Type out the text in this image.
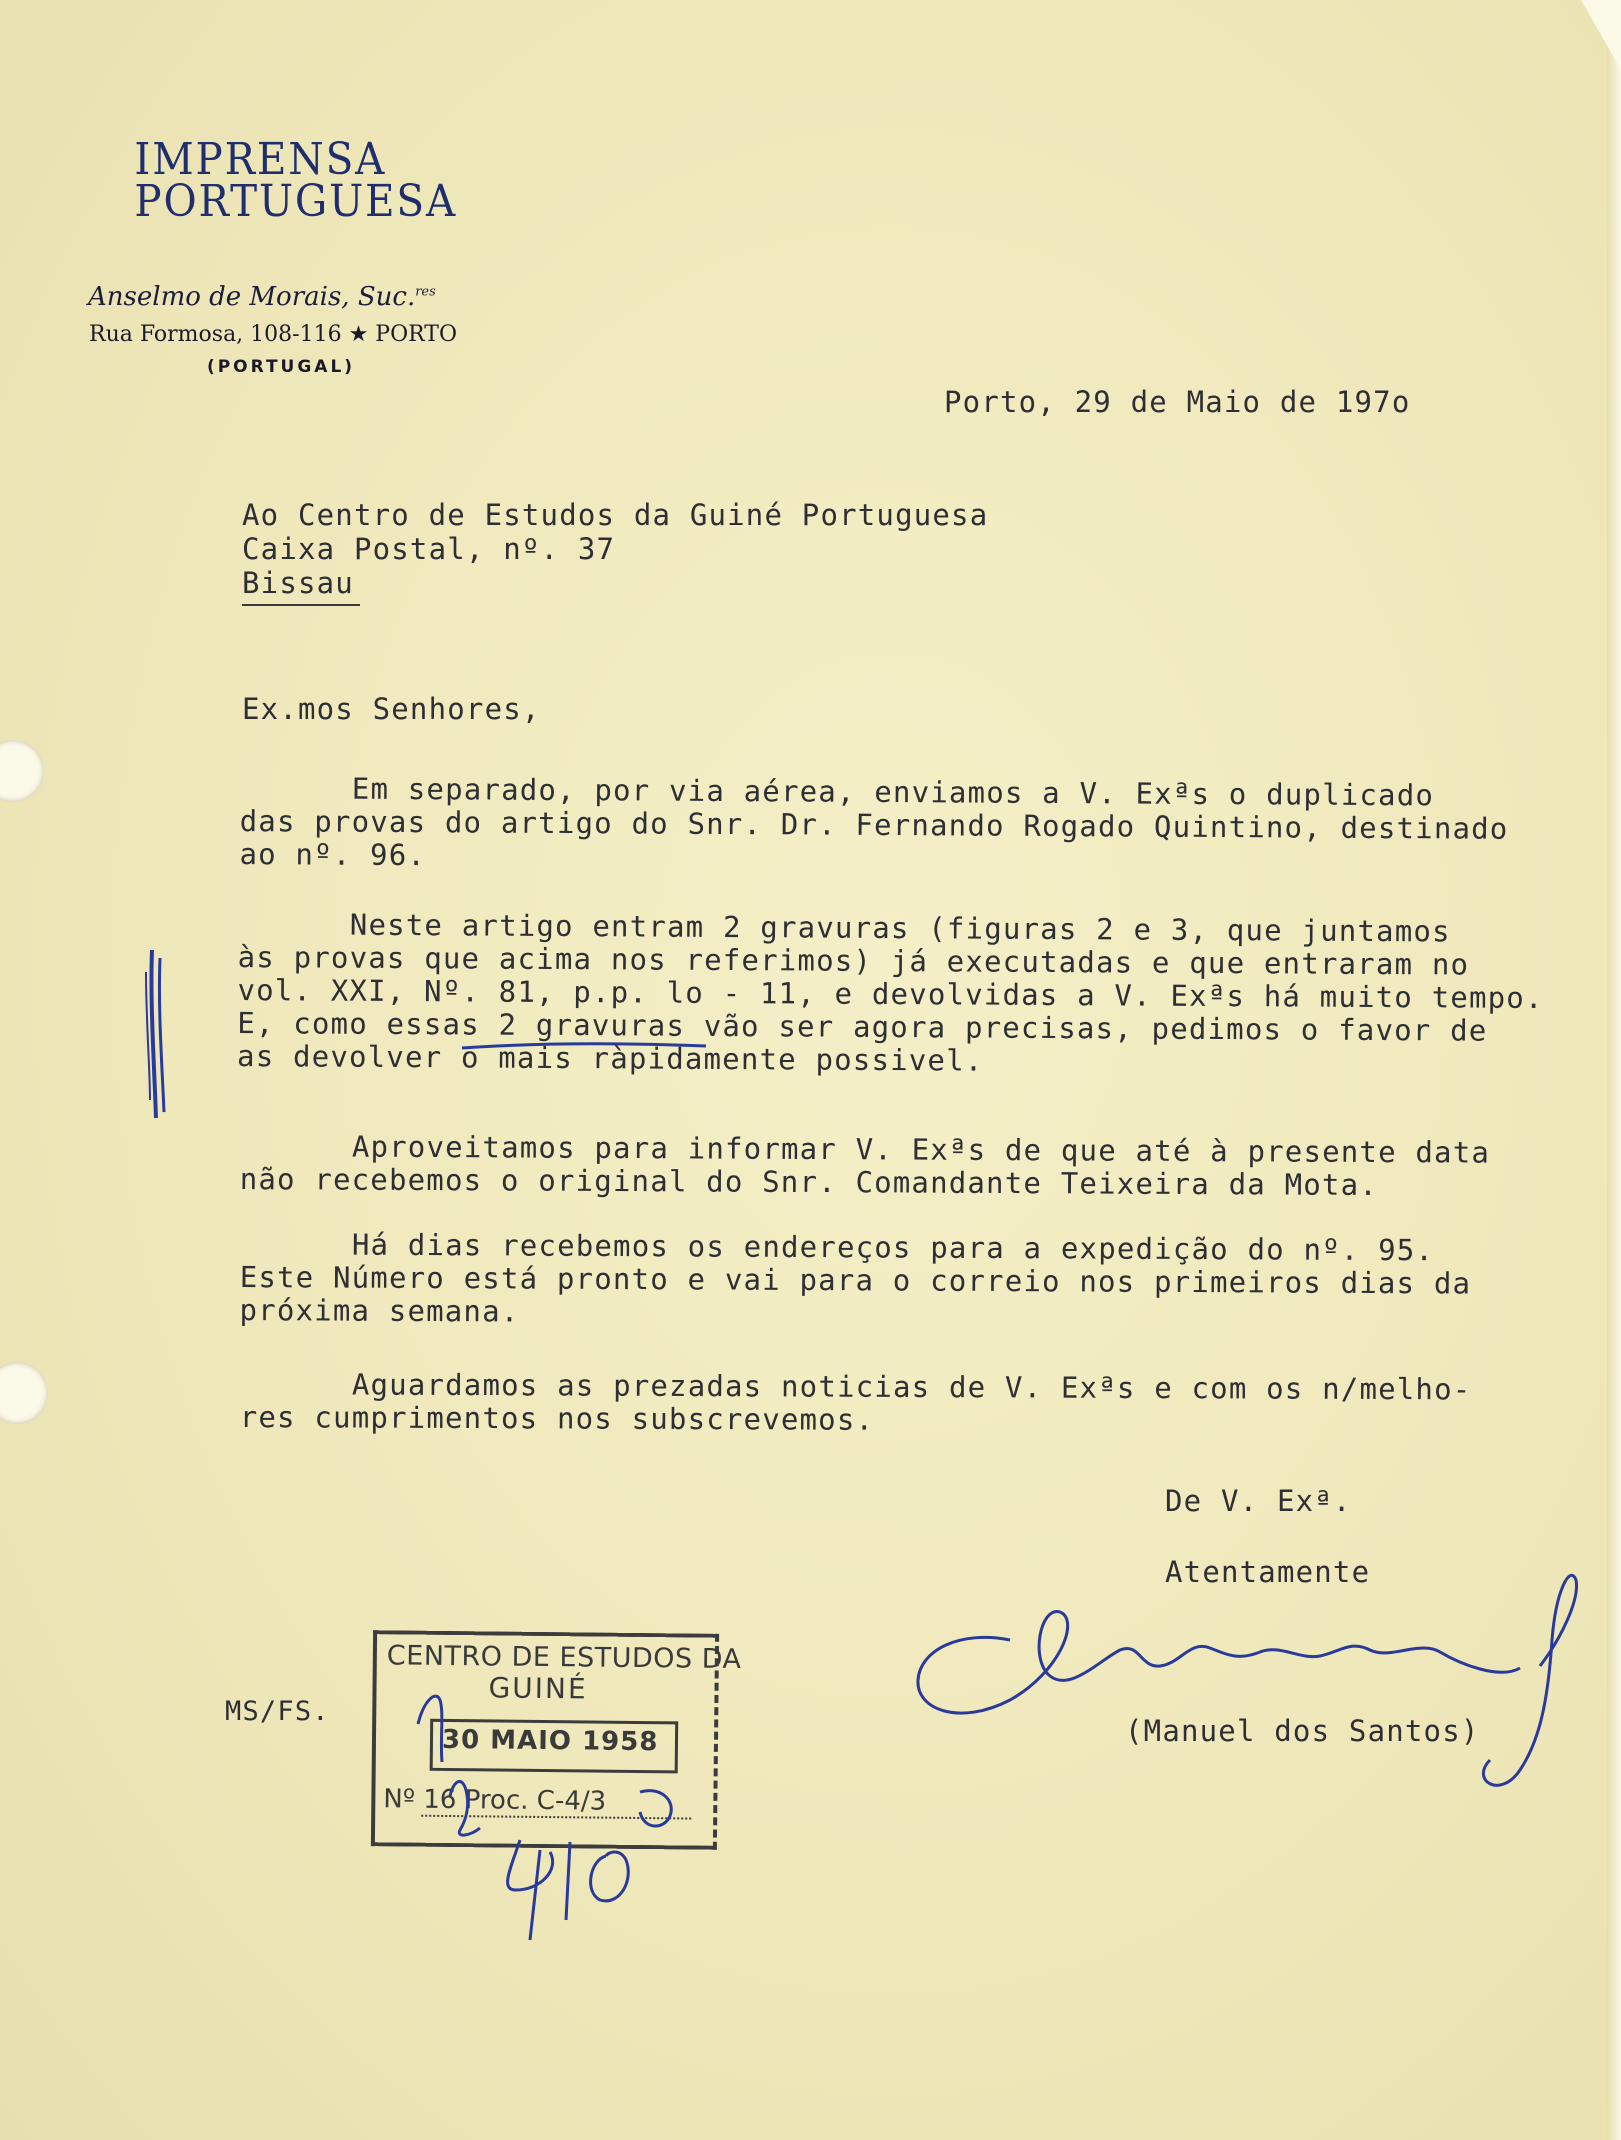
IMPRENSA
PORTUGUESA
Anselmo de Morais, Suc.$^{res}$
Rua Formosa, 108-116 ★ PORTO
(PORTUGAL)
Porto, 29 de Maio de 197o
Ao Centro de Estudos da Guiné Portuguesa
Caixa Postal, nº. 37
Bissau
Ex.mos Senhores,
Em separado, por via aérea, enviamos a V. Exªs o duplicado
das provas do artigo do Snr. Dr. Fernando Rogado Quintino, destinado
ao nº. 96.
Neste artigo entram 2 gravuras (figuras 2 e 3, que juntamos
às provas que acima nos referimos) já executadas e que entraram no
vol. XXI, Nº. 81, p.p. lo - 11, e devolvidas a V. Exªs há muito tempo.
E, como essas 2 gravuras vão ser agora precisas, pedimos o favor de
as devolver o mais ràpidamente possivel.
Aproveitamos para informar V. Exªs de que até à presente data
não recebemos o original do Snr. Comandante Teixeira da Mota.
Há dias recebemos os endereços para a expedição do nº. 95.
Este Número está pronto e vai para o correio nos primeiros dias da
próxima semana.
Aguardamos as prezadas noticias de V. Exªs e com os n/melho-
res cumprimentos nos subscrevemos.
De V. Exª.
Atentamente
MS/FS.
(Manuel dos Santos)
CENTRO DE ESTUDOS DA
GUINÉ
30 MAIO 1958
Nº 16 Proc. C-4/3
410
